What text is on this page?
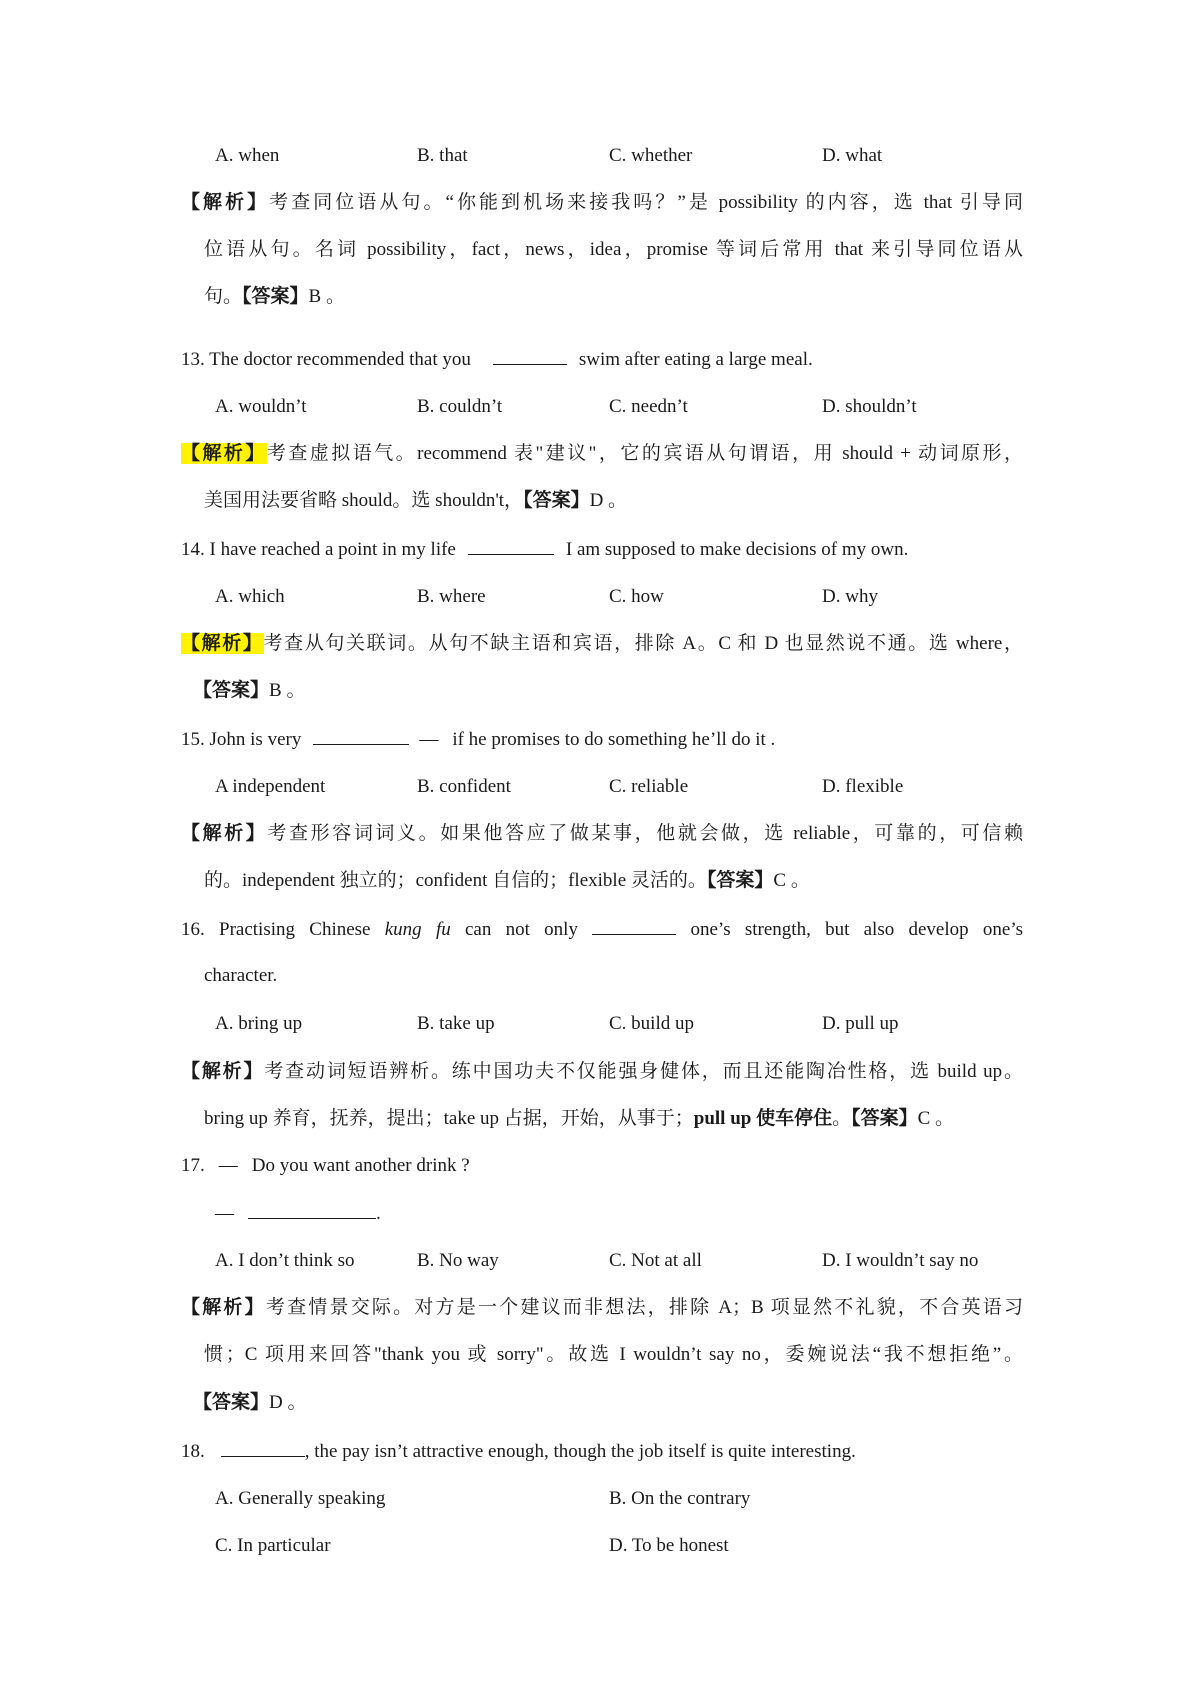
A. when	B. that	C. whether	D. what
【解析】考查同位语从句。“你能到机场来接我吗？”是 possibility 的内容，选 that 引导同
位语从句。名词 possibility，fact，news，idea，promise 等词后常用 that 来引导同位语从
句。【答案】B 。
13. The doctor recommended that you	swim after eating a large meal.
A. wouldn’t	B. couldn’t	C. needn’t	D. shouldn’t
【解析】考查虚拟语气。recommend 表"建议"，它的宾语从句谓语，用 should + 动词原形，
美国用法要省略 should。选 shouldn't，【答案】D 。
14. I have reached a point in my life	I am supposed to make decisions of my own.
A. which	B. where	C. how	D. why
【解析】考查从句关联词。从句不缺主语和宾语，排除 A。C 和 D 也显然说不通。选 where，
【答案】B 。
15. John is very	— if he promises to do something he’ll do it .
A independent	B. confident	C. reliable	D. flexible
【解析】考查形容词词义。如果他答应了做某事，他就会做，选 reliable，可靠的，可信赖
的。independent 独立的；confident 自信的；flexible 灵活的。【答案】C 。
16. Practising Chinese kung fu can not only	one’s strength, but also develop one’s
character.
A. bring up	B. take up	C. build up	D. pull up
【解析】考查动词短语辨析。练中国功夫不仅能强身健体，而且还能陶冶性格，选 build up。
bring up 养育，抚养，提出；take up 占据，开始，从事于；pull up 使车停住。【答案】C 。
17. — Do you want another drink ?
—	.
A. I don’t think so	B. No way	C. Not at all	D. I wouldn’t say no
【解析】考查情景交际。对方是一个建议而非想法，排除 A；B 项显然不礼貌，不合英语习
惯；C 项用来回答"thank you 或 sorry"。故选 I wouldn’t say no，委婉说法“我不想拒绝”。
【答案】D 。
18.	, the pay isn’t attractive enough, though the job itself is quite interesting.
A. Generally speaking	B. On the contrary
C. In particular	D. To be honest
